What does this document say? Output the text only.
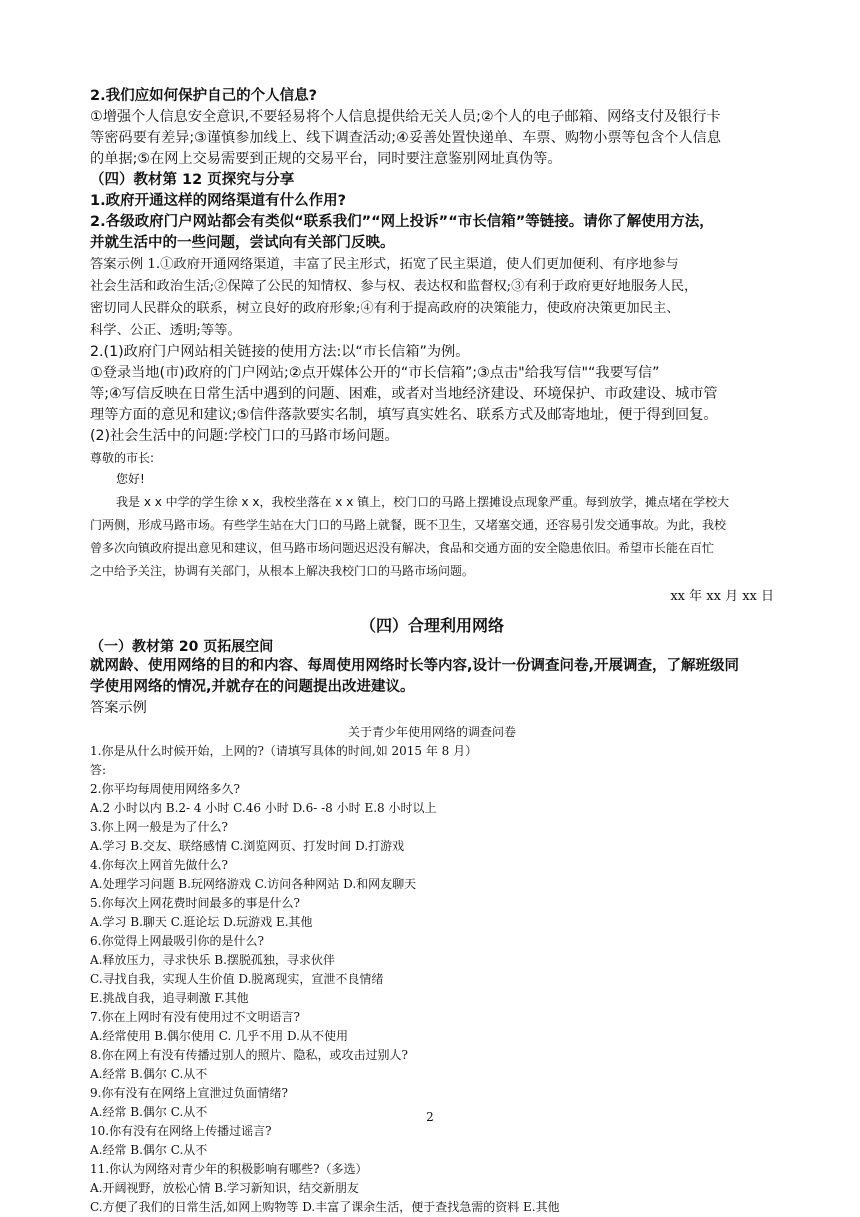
2.我们应如何保护自己的个人信息?
①增强个人信息安全意识,不要轻易将个人信息提供给无关人员;②个人的电子邮箱、网络支付及银行卡
等密码要有差异;③谨慎参加线上、线下调查活动;④妥善处置快递单、车票、购物小票等包含个人信息
的单据;⑤在网上交易需要到正规的交易平台，同时要注意鉴别网址真伪等。
（四）教材第 12 页探究与分享
1.政府开通这样的网络渠道有什么作用?
2.各级政府门户网站都会有类似“联系我们”“网上投诉”“市长信箱”等链接。请你了解使用方法，
并就生活中的一些问题，尝试向有关部门反映。
答案示例 1.①政府开通网络渠道，丰富了民主形式，拓宽了民主渠道，使人们更加便利、有序地参与
社会生活和政治生活;②保障了公民的知情权、参与权、表达权和监督权;③有利于政府更好地服务人民，
密切同人民群众的联系，树立良好的政府形象;④有利于提高政府的决策能力，使政府决策更加民主、
科学、公正、透明;等等。
2.(1)政府门户网站相关链接的使用方法:以“市长信箱”为例。
①登录当地(市)政府的门户网站;②点开媒体公开的“市长信箱”;③点击"给我写信"“我要写信”
等;④写信反映在日常生活中遇到的问题、困难，或者对当地经济建设、环境保护、市政建设、城市管
理等方面的意见和建议;⑤信件落款要实名制，填写真实姓名、联系方式及邮寄地址，便于得到回复。
(2)社会生活中的问题:学校门口的马路市场问题。
尊敬的市长:
您好!
我是 x x 中学的学生徐 x x，我校坐落在 x x 镇上，校门口的马路上摆摊设点现象严重。每到放学，摊点堵在学校大
门两侧，形成马路市场。有些学生站在大门口的马路上就餐，既不卫生，又堵塞交通，还容易引发交通事故。为此，我校
曾多次向镇政府提出意见和建议，但马路市场问题迟迟没有解决，食品和交通方面的安全隐患依旧。希望市长能在百忙
之中给予关注，协调有关部门，从根本上解决我校门口的马路市场问题。
xx 年 xx 月 xx 日
（四）合理利用网络
（一）教材第 20 页拓展空间
就网龄、使用网络的目的和内容、每周使用网络时长等内容,设计一份调查问卷,开展调查，了解班级同
学使用网络的情况,并就存在的问题提出改进建议。
答案示例
关于青少年使用网络的调查问卷
1.你是从什么时候开始，上网的?（请填写具体的时间,如 2015 年 8 月）
答:
2.你平均每周使用网络多久?
A.2 小时以内 B.2- 4 小时 C.46 小时 D.6- -8 小时 E.8 小时以上
3.你上网一般是为了什么?
A.学习 B.交友、联络感情 C.浏览网页、打发时间 D.打游戏
4.你每次上网首先做什么?
A.处理学习问题 B.玩网络游戏 C.访问各种网站 D.和网友聊天
5.你每次上网花费时间最多的事是什么?
A.学习 B.聊天 C.逛论坛 D.玩游戏 E.其他
6.你觉得上网最吸引你的是什么?
A.释放压力，寻求快乐 B.摆脱孤独，寻求伙伴
C.寻找自我，实现人生价值 D.脱离现实，宣泄不良情绪
E.挑战自我，追寻刺激 F.其他
7.你在上网时有没有使用过不文明语言?
A.经常使用 B.偶尔使用 C. 几乎不用 D.从不使用
8.你在网上有没有传播过别人的照片、隐私，或攻击过别人?
A.经常 B.偶尔 C.从不
9.你有没有在网络上宣泄过负面情绪?
A.经常 B.偶尔 C.从不
10.你有没有在网络上传播过谣言?
A.经常 B.偶尔 C.从不
11.你认为网络对青少年的积极影响有哪些?（多选）
A.开阔视野，放松心情 B.学习新知识，结交新朋友
C.方便了我们的日常生活,如网上购物等 D.丰富了课余生活，便于查找急需的资料 E.其他
2
